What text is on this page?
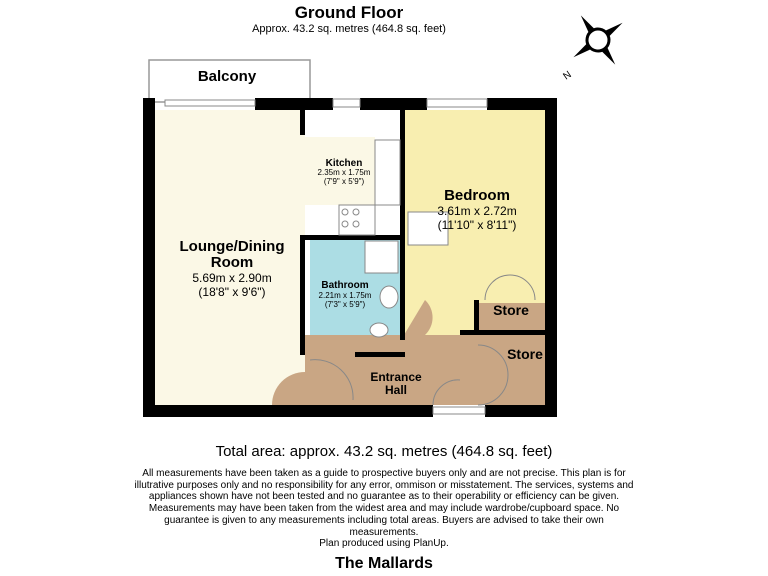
Ground Floor
Approx. 43.2 sq. metres (464.8 sq. feet)
N
Balcony
Lounge/Dining
Room
5.69m x 2.90m
(18'8" x 9'6")
Kitchen
2.35m x 1.75m
(7'9" x 5'9")
Bathroom
2.21m x 1.75m
(7'3" x 5'9")
Bedroom
3.61m x 2.72m
(11'10" x 8'11")
Store
Store
Entrance
Hall
Total area: approx. 43.2 sq. metres (464.8 sq. feet)
All measurements have been taken as a guide to prospective buyers only and are not precise. This plan is for illutrative purposes only and no responsibility for any error, ommison or misstatement. The services, systems and appliances shown have not been tested and no guarantee as to their operability or efficiency can be given. Measurements may have been taken from the widest area and may include wardrobe/cupboard space. No guarantee is given to any measurements including total areas. Buyers are advised to take their own measurements.
Plan produced using PlanUp.
The Mallards
